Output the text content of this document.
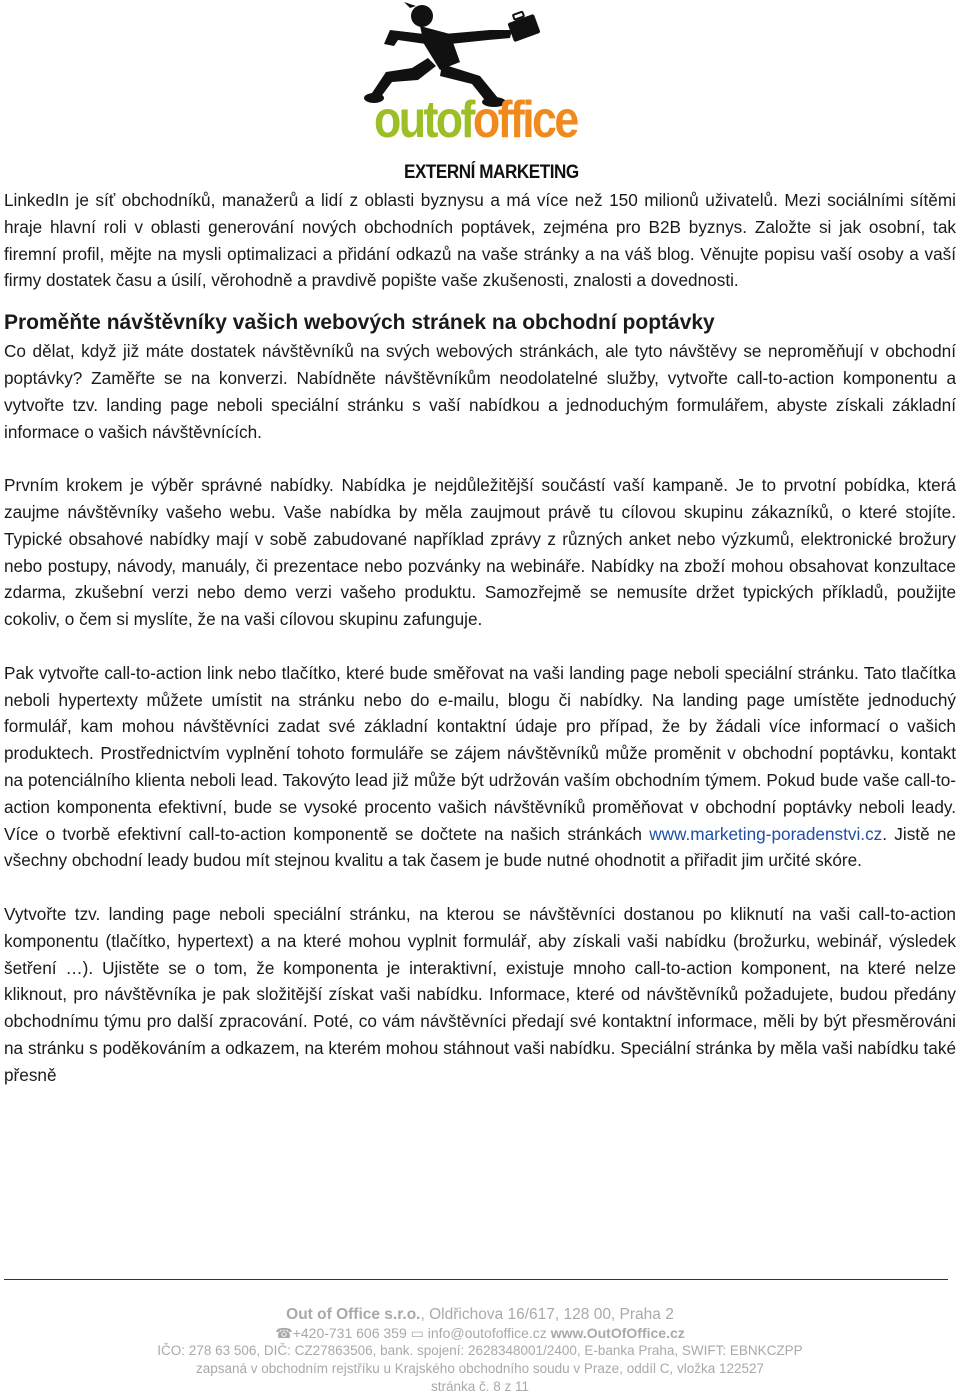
outofoffice
EXTERNÍ MARKETING

LinkedIn je síť obchodníků, manažerů a lidí z oblasti byznysu a má více než 150 milionů uživatelů. Mezi sociálními sítěmi hraje hlavní roli v oblasti generování nových obchodních poptávek, zejména pro B2B byznys. Založte si jak osobní, tak firemní profil, mějte na mysli optimalizaci a přidání odkazů na vaše stránky a na váš blog. Věnujte popisu vaší osoby a vaší firmy dostatek času a úsilí, věrohodně a pravdivě popište vaše zkušenosti, znalosti a dovednosti.

Proměňte návštěvníky vašich webových stránek na obchodní poptávky

Co dělat, když již máte dostatek návštěvníků na svých webových stránkách, ale tyto návštěvy se neproměňují v obchodní poptávky? Zaměřte se na konverzi. Nabídněte návštěvníkům neodolatelné služby, vytvořte call-to-action komponentu a vytvořte tzv. landing page neboli speciální stránku s vaší nabídkou a jednoduchým formulářem, abyste získali základní informace o vašich návštěvnících.

Prvním krokem je výběr správné nabídky. Nabídka je nejdůležitější součástí vaší kampaně. Je to prvotní pobídka, která zaujme návštěvníky vašeho webu. Vaše nabídka by měla zaujmout právě tu cílovou skupinu zákazníků, o které stojíte. Typické obsahové nabídky mají v sobě zabudované například zprávy z různých anket nebo výzkumů, elektronické brožury nebo postupy, návody, manuály, či prezentace nebo pozvánky na webináře. Nabídky na zboží mohou obsahovat konzultace zdarma, zkušební verzi nebo demo verzi vašeho produktu. Samozřejmě se nemusíte držet typických příkladů, použijte cokoliv, o čem si myslíte, že na vaši cílovou skupinu zafunguje.

Pak vytvořte call-to-action link nebo tlačítko, které bude směřovat na vaši landing page neboli speciální stránku. Tato tlačítka neboli hypertexty můžete umístit na stránku nebo do e-mailu, blogu či nabídky. Na landing page umístěte jednoduchý formulář, kam mohou návštěvníci zadat své základní kontaktní údaje pro případ, že by žádali více informací o vašich produktech. Prostřednictvím vyplnění tohoto formuláře se zájem návštěvníků může proměnit v obchodní poptávku, kontakt na potenciálního klienta neboli lead. Takovýto lead již může být udržován vaším obchodním týmem. Pokud bude vaše call-to-action komponenta efektivní, bude se vysoké procento vašich návštěvníků proměňovat v obchodní poptávky neboli leady. Více o tvorbě efektivní call-to-action komponentě se dočtete na našich stránkách www.marketing-poradenstvi.cz. Jistě ne všechny obchodní leady budou mít stejnou kvalitu a tak časem je bude nutné ohodnotit a přiřadit jim určité skóre.

Vytvořte tzv. landing page neboli speciální stránku, na kterou se návštěvníci dostanou po kliknutí na vaši call-to-action komponentu (tlačítko, hypertext) a na které mohou vyplnit formulář, aby získali vaši nabídku (brožurku, webinář, výsledek šetření …). Ujistěte se o tom, že komponenta je interaktivní, existuje mnoho call-to-action komponent, na které nelze kliknout, pro návštěvníka je pak složitější získat vaši nabídku. Informace, které od návštěvníků požadujete, budou předány obchodnímu týmu pro další zpracování. Poté, co vám návštěvníci předají své kontaktní informace, měli by být přesměrováni na stránku s poděkováním a odkazem, na kterém mohou stáhnout vaši nabídku. Speciální stránka by měla vaši nabídku také přesně

Out of Office s.r.o., Oldřichova 16/617, 128 00, Praha 2
☎+420-731 606 359 ▭ info@outofoffice.cz www.OutOfOffice.cz
IČO: 278 63 506, DIČ: CZ27863506, bank. spojení: 2628348001/2400, E-banka Praha, SWIFT: EBNKCZPP
zapsaná v obchodním rejstříku u Krajského obchodního soudu v Praze, oddíl C, vložka 122527
stránka č. 8 z 11
